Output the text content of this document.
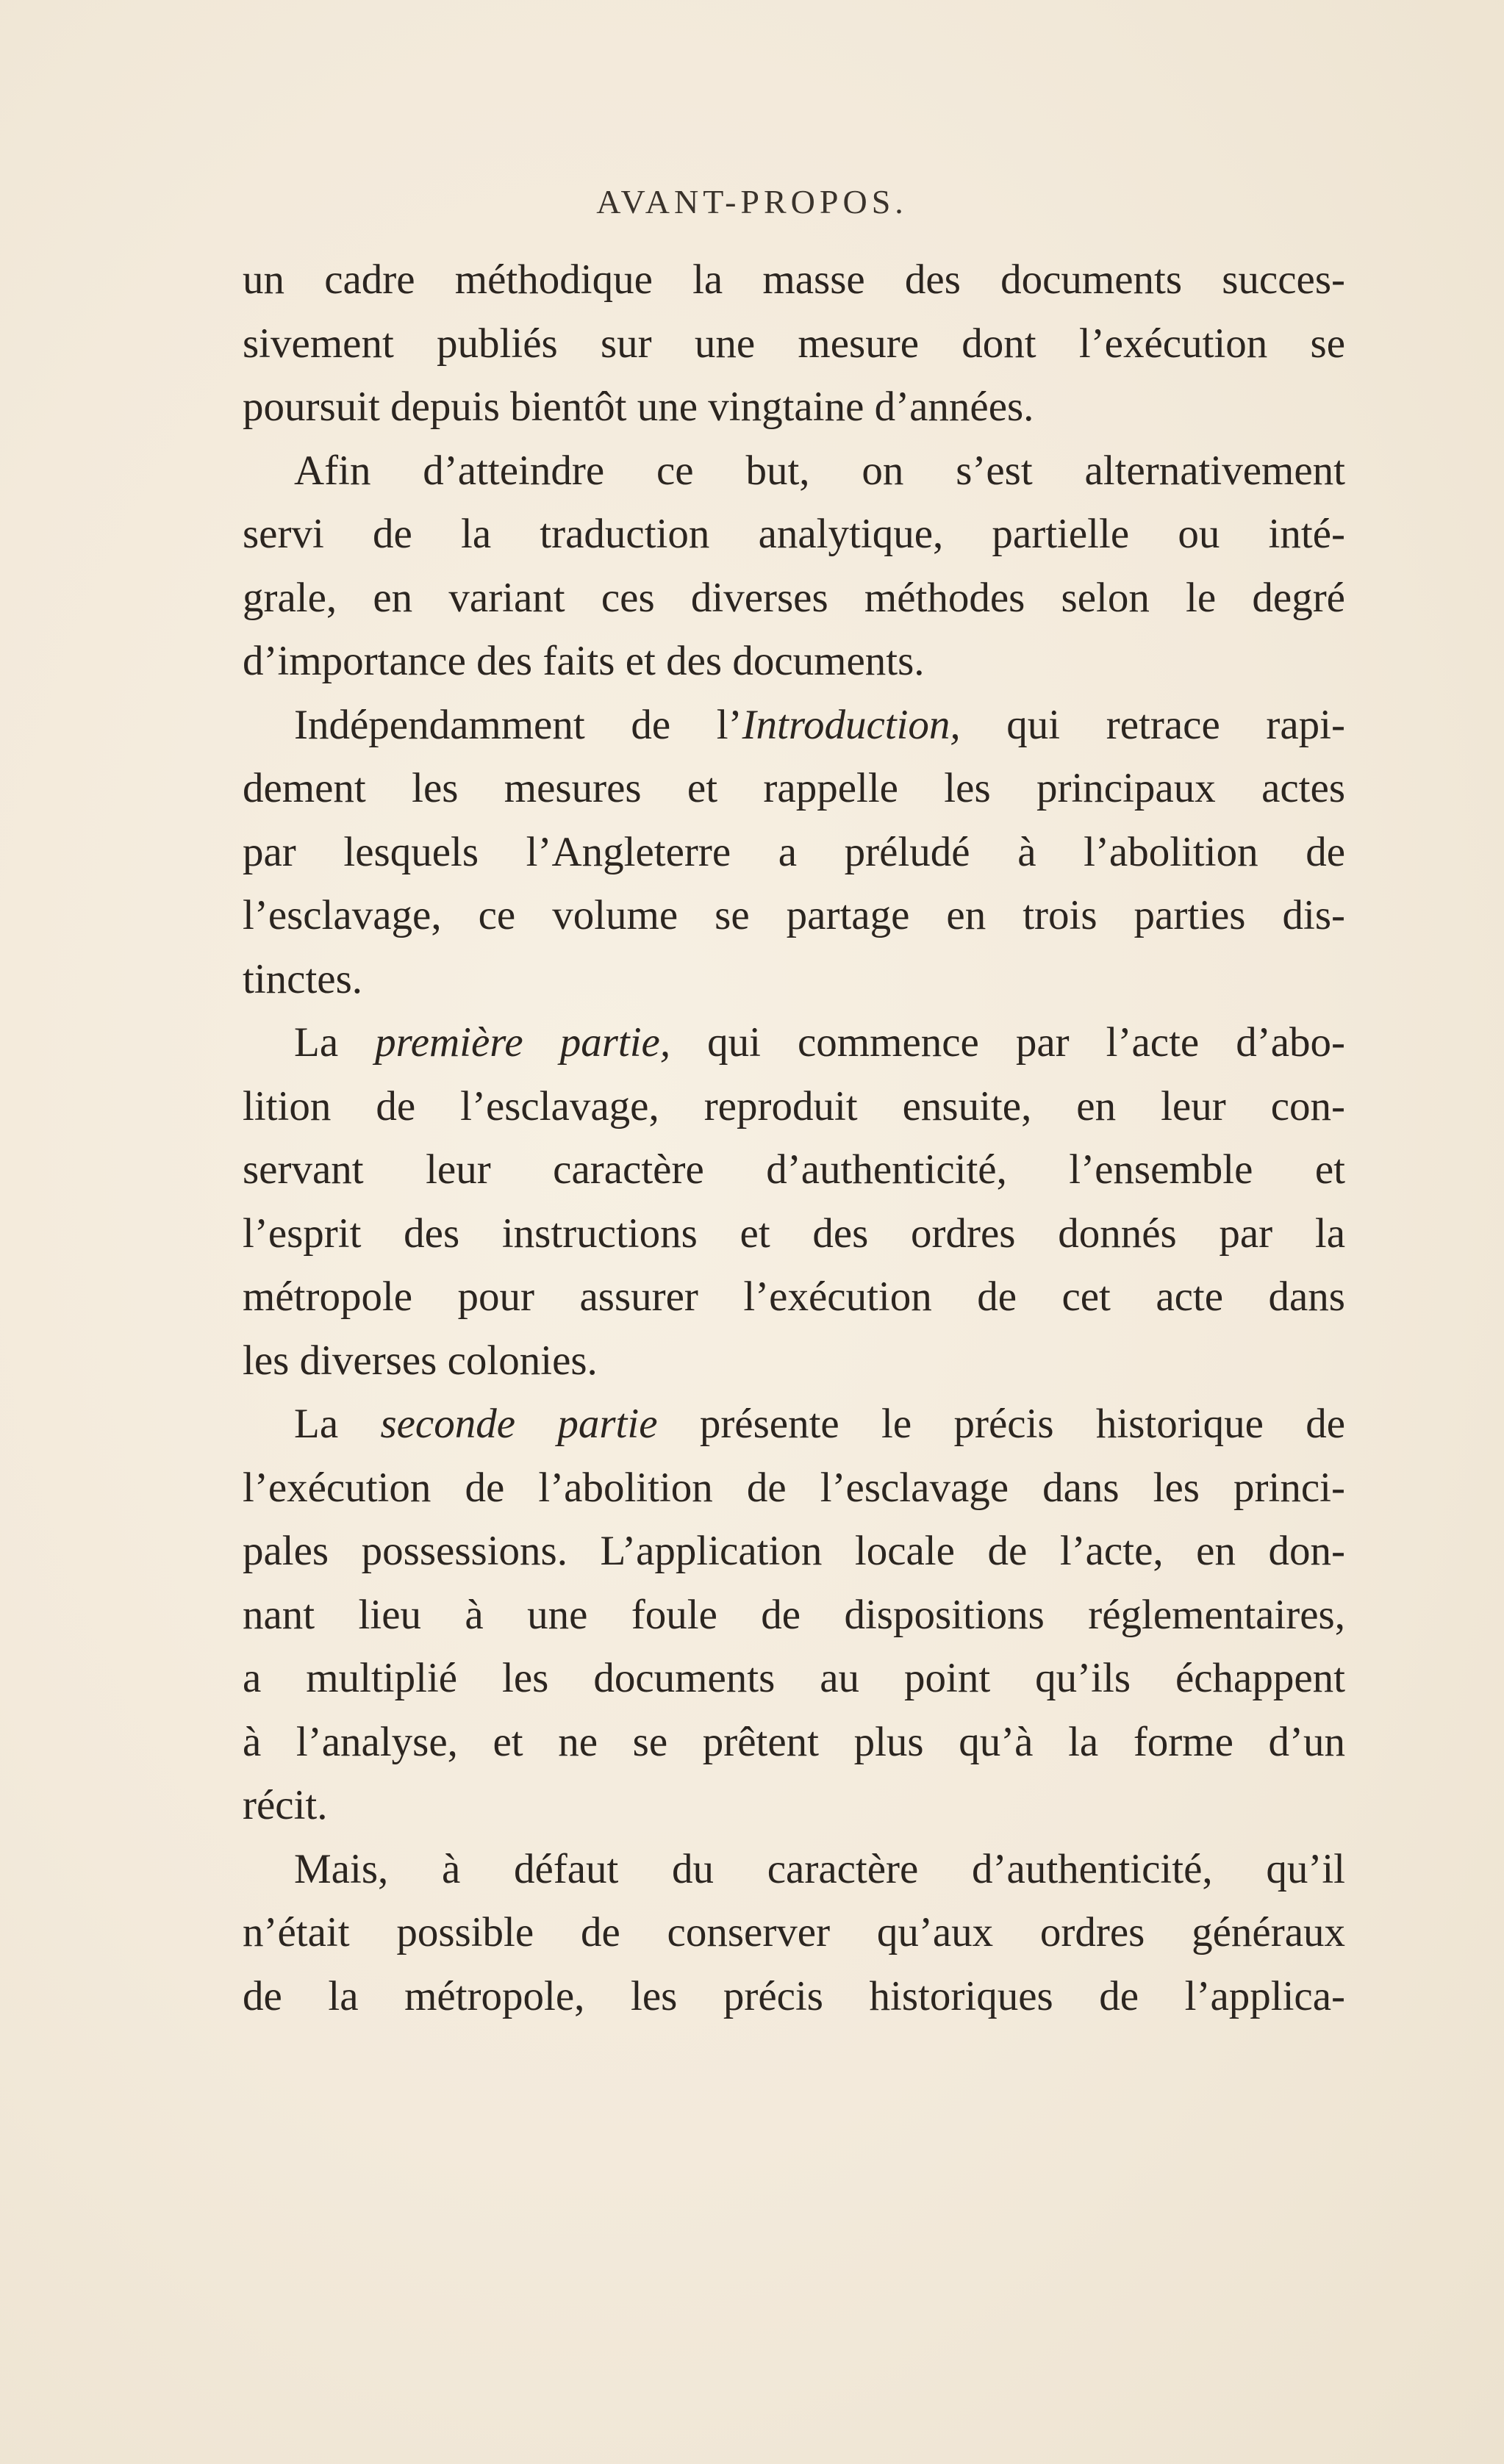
AVANT-PROPOS.
un cadre méthodique la masse des documents succes-
sivement publiés sur une mesure dont l’exécution se
poursuit depuis bientôt une vingtaine d’années.
Afin d’atteindre ce but, on s’est alternativement
servi de la traduction analytique, partielle ou inté-
grale, en variant ces diverses méthodes selon le degré
d’importance des faits et des documents.
Indépendamment de l’Introduction, qui retrace rapi-
dement les mesures et rappelle les principaux actes
par lesquels l’Angleterre a préludé à l’abolition de
l’esclavage, ce volume se partage en trois parties dis-
tinctes.
La première partie, qui commence par l’acte d’abo-
lition de l’esclavage, reproduit ensuite, en leur con-
servant leur caractère d’authenticité, l’ensemble et
l’esprit des instructions et des ordres donnés par la
métropole pour assurer l’exécution de cet acte dans
les diverses colonies.
La seconde partie présente le précis historique de
l’exécution de l’abolition de l’esclavage dans les princi-
pales possessions. L’application locale de l’acte, en don-
nant lieu à une foule de dispositions réglementaires,
a multiplié les documents au point qu’ils échappent
à l’analyse, et ne se prêtent plus qu’à la forme d’un
récit.
Mais, à défaut du caractère d’authenticité, qu’il
n’était possible de conserver qu’aux ordres généraux
de la métropole, les précis historiques de l’applica-
